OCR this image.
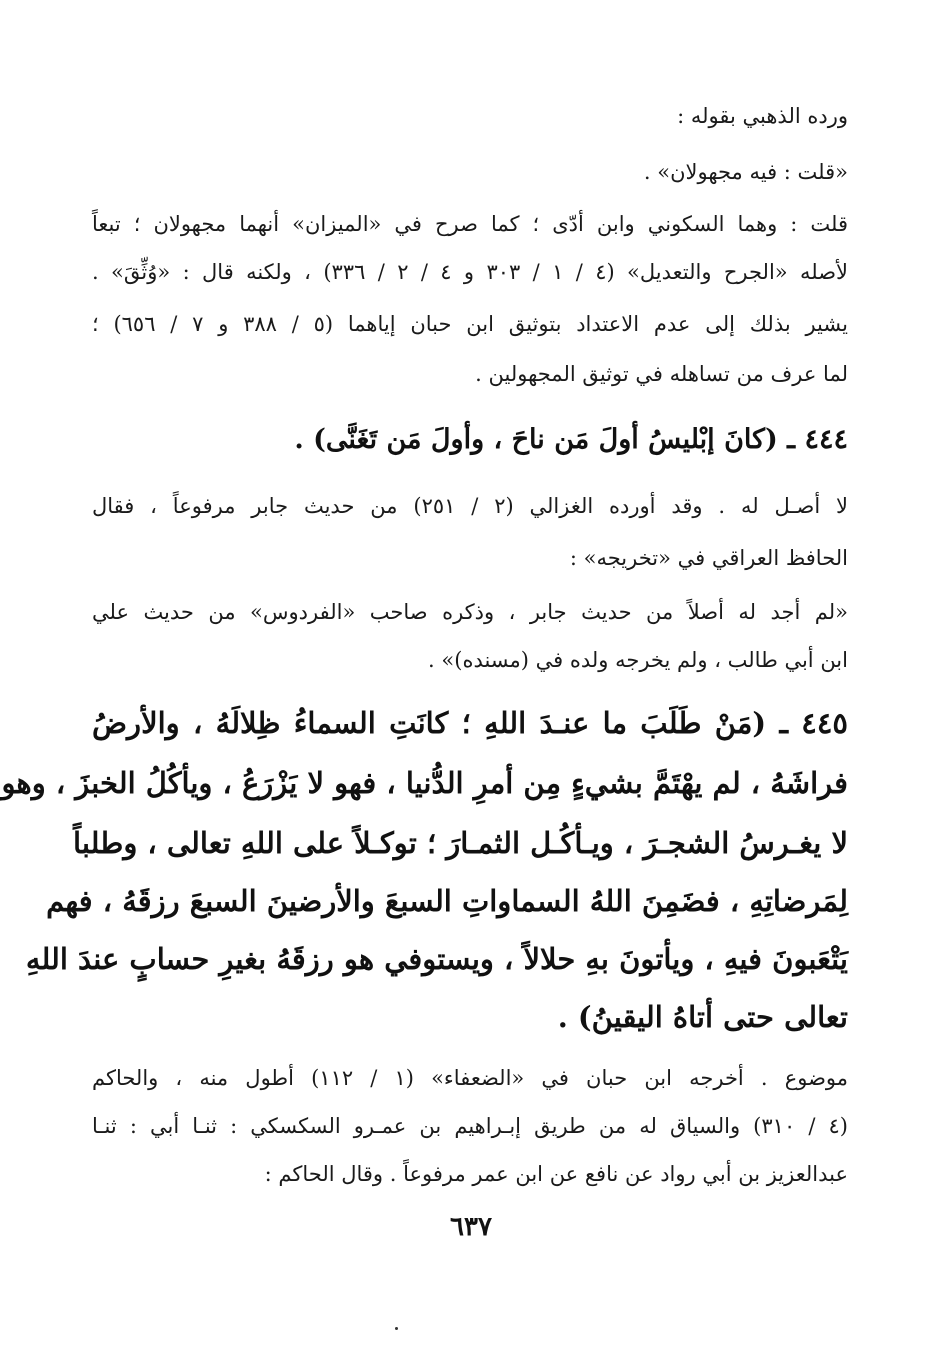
ورده الذهبي بقوله :
«قلت : فيه مجهولان» .
قلت : وهما السكوني وابن أدّى ؛ كما صرح في «الميزان» أنهما مجهولان ؛ تبعاً
لأصله «الجرح والتعديل» (٤ / ١ / ٣٠٣ و ٤ / ٢ / ٣٣٦) ، ولكنه قال : «وُثِّقَ» .
يشير بذلك إلى عدم الاعتداد بتوثيق ابن حبان إياهما (٥ / ٣٨٨ و ٧ / ٦٥٦) ؛
لما عرف من تساهله في توثيق المجهولين .
٤٤٤ ـ (كانَ إبْليسُ أولَ مَن ناحَ ، وأولَ مَن تَغَنَّى) .
لا أصـل له . وقد أورده الغزالي (٢ / ٢٥١) من حديث جابر مرفوعاً ، فقال
الحافظ العراقي في «تخريجه» :
«لم أجد له أصلاً من حديث جابر ، وذكره صاحب «الفردوس» من حديث علي
ابن أبي طالب ، ولم يخرجه ولده في (مسنده)» .
٤٤٥ ـ (مَنْ طَلَبَ ما عنـدَ اللهِ ؛ كانَتِ السماءُ ظِلالَهُ ، والأرضُ
فراشَهُ ، لم يهْتَمَّ بشيءٍ مِن أمرِ الدُّنيا ، فهو لا يَزْرَعُ ، ويأكُلُ الخبزَ ، وهو
لا يغـرسُ الشجـرَ ، ويـأكُـل الثمـارَ ؛ توكـلاً على اللهِ تعالى ، وطلباً
لِمَرضاتِهِ ، فضَمِنَ اللهُ السماواتِ السبعَ والأرضينَ السبعَ رزقَهُ ، فهم
يَتْعَبونَ فيهِ ، ويأتونَ بهِ حلالاً ، ويستوفي هو رزقَهُ بغيرِ حسابٍ عندَ اللهِ
تعالى حتى أتاهُ اليقينُ) .
موضوع . أخرجه ابن حبان في «الضعفاء» (١ / ١١٢) أطول منه ، والحاكم
(٤ / ٣١٠) والسياق له من طريق إبـراهيم بن عمـرو السكسكي : ثنـا أبي : ثنـا
عبدالعزيز بن أبي رواد عن نافع عن ابن عمر مرفوعاً . وقال الحاكم :
٦٣٧
